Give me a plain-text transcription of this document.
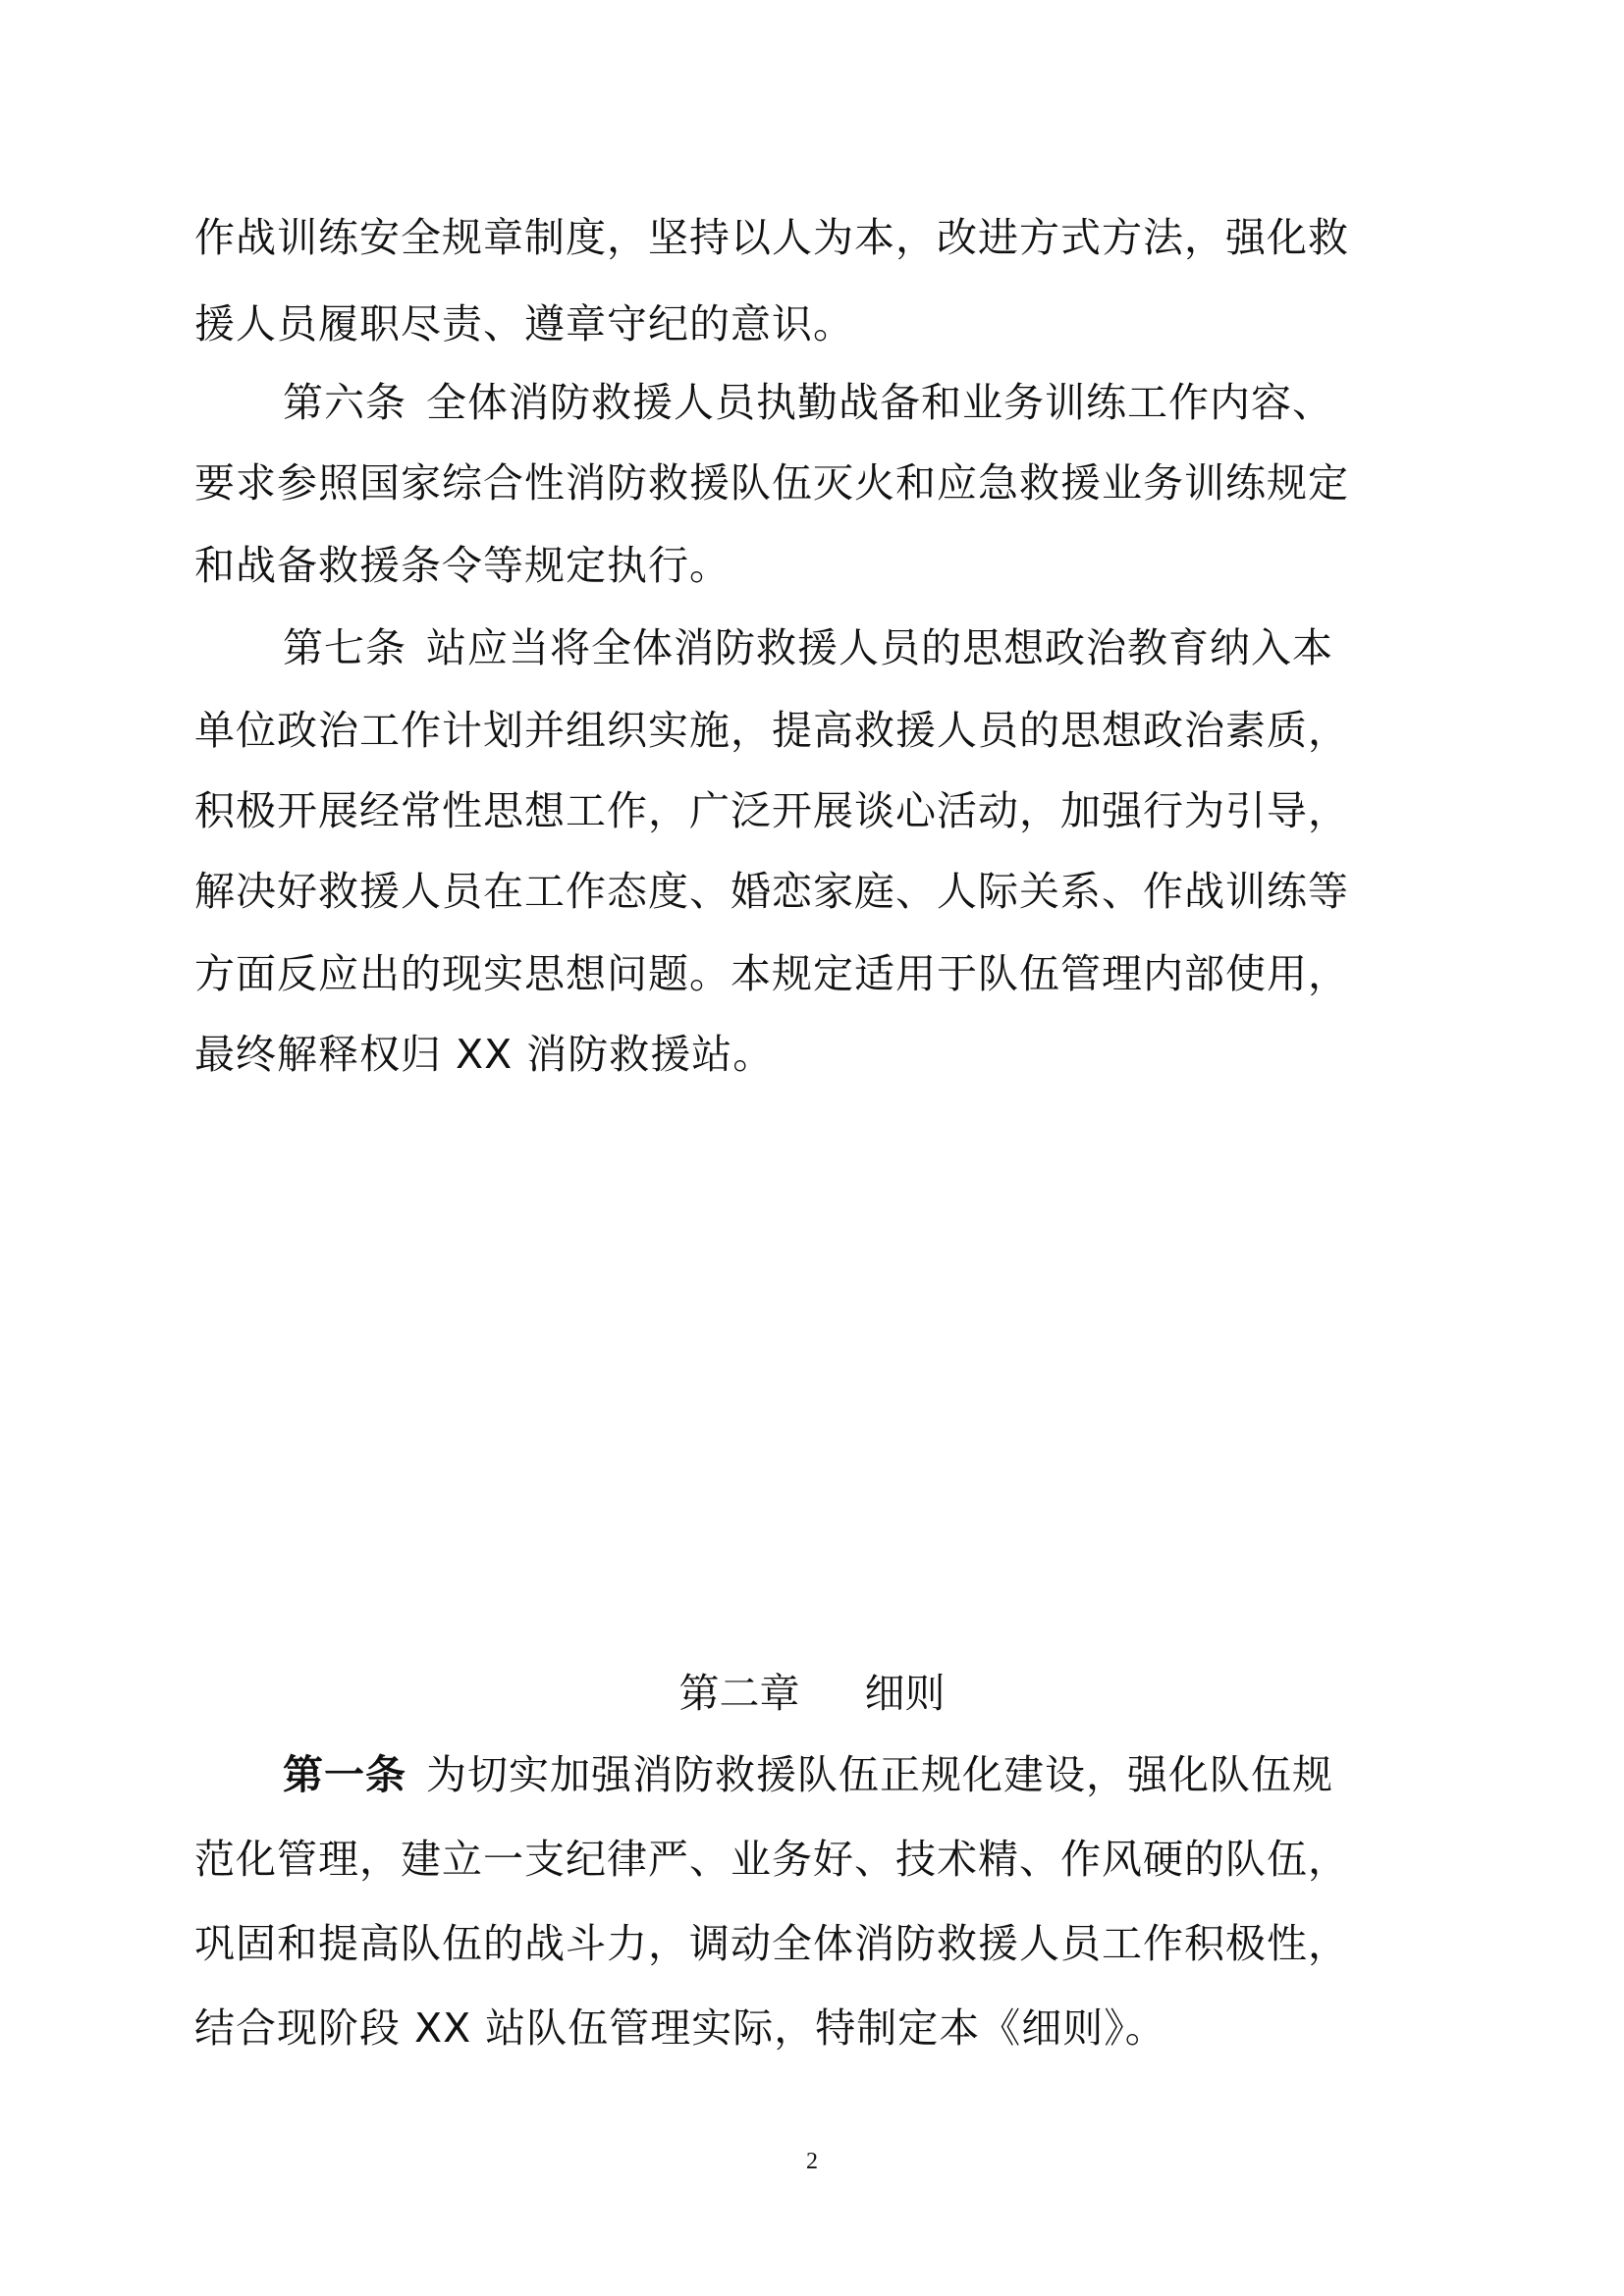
作战训练安全规章制度，坚持以人为本，改进方式方法，强化救
援人员履职尽责、遵章守纪的意识。
第六条 全体消防救援人员执勤战备和业务训练工作内容、
要求参照国家综合性消防救援队伍灭火和应急救援业务训练规定
和战备救援条令等规定执行。
第七条 站应当将全体消防救援人员的思想政治教育纳入本
单位政治工作计划并组织实施，提高救援人员的思想政治素质，
积极开展经常性思想工作，广泛开展谈心活动，加强行为引导，
解决好救援人员在工作态度、婚恋家庭、人际关系、作战训练等
方面反应出的现实思想问题。本规定适用于队伍管理内部使用，
最终解释权归 XX 消防救援站。
第二章 细则
第一条 为切实加强消防救援队伍正规化建设，强化队伍规
范化管理，建立一支纪律严、业务好、技术精、作风硬的队伍，
巩固和提高队伍的战斗力，调动全体消防救援人员工作积极性，
结合现阶段 XX 站队伍管理实际，特制定本《细则》。
2
